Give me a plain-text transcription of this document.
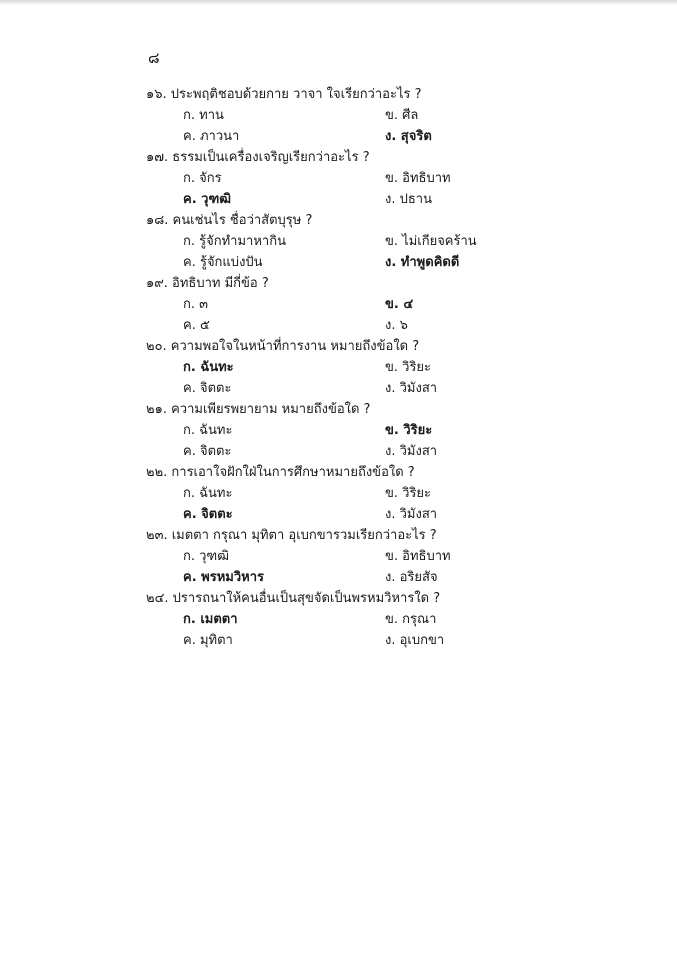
๘
๑๖. ประพฤติชอบด้วยกาย วาจา ใจเรียกว่าอะไร ?
ก. ทาน	ข. ศีล
ค. ภาวนา	ง. สุจริต
๑๗. ธรรมเป็นเครื่องเจริญเรียกว่าอะไร ?
ก. จักร	ข. อิทธิบาท
ค. วุฑฒิ	ง. ปธาน
๑๘. คนเช่นไร ชื่อว่าสัตบุรุษ ?
ก. รู้จักทำมาหากิน	ข. ไม่เกียจคร้าน
ค. รู้จักแบ่งปัน	ง. ทำพูดคิดดี
๑๙. อิทธิบาท มีกี่ข้อ ?
ก. ๓	ข. ๔
ค. ๕	ง. ๖
๒๐. ความพอใจในหน้าที่การงาน หมายถึงข้อใด ?
ก. ฉันทะ	ข. วิริยะ
ค. จิตตะ	ง. วิมังสา
๒๑. ความเพียรพยายาม หมายถึงข้อใด ?
ก. ฉันทะ	ข. วิริยะ
ค. จิตตะ	ง. วิมังสา
๒๒. การเอาใจฝักใฝ่ในการศึกษาหมายถึงข้อใด ?
ก. ฉันทะ	ข. วิริยะ
ค. จิตตะ	ง. วิมังสา
๒๓. เมตตา กรุณา มุทิตา อุเบกขารวมเรียกว่าอะไร ?
ก. วุฑฒิ	ข. อิทธิบาท
ค. พรหมวิหาร	ง. อริยสัจ
๒๔. ปรารถนาให้คนอื่นเป็นสุขจัดเป็นพรหมวิหารใด ?
ก. เมตตา	ข. กรุณา
ค. มุทิตา	ง. อุเบกขา
